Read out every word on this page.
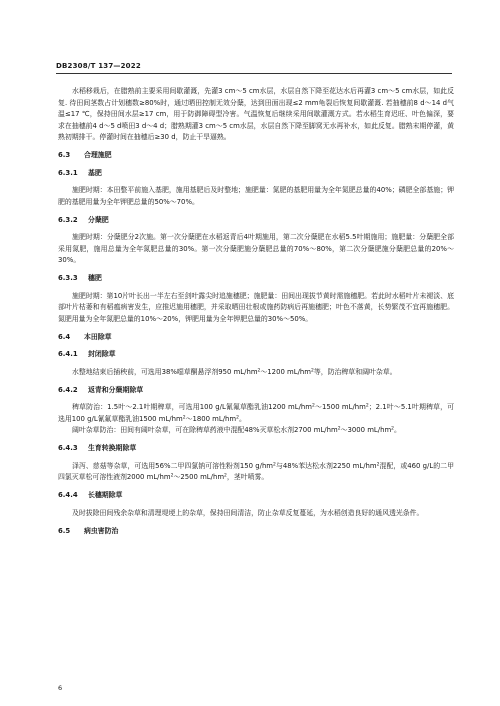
DB2308/T 137—2022

水稻移栽后，在腊熟前主要采用间歇灌溉，先灌3 cm～5 cm水层，水层自然下降至花达水后再灌3 cm～5 cm水层，如此反复. 待田间茎数占计划穗数≥80%时，通过晒田控制无效分蘖，达到田面出现≤2 mm龟裂后恢复间歇灌溉. 若抽穗前8 d～14 d气温≤17 ℃，保持田间水层≥17 cm，用于防御障碍型冷害。气温恢复后继续采用间歇灌溉方式。若水稻生育迟旺、叶色偏深，要求在抽穗前4 d～5 d喷田3 d～4 d；腊熟期灌3 cm～5 cm水层，水层自然下降至脚窝无水再补水，如此反复。腊熟末期停灌，黄熟初期排干。停灌时间在抽穗后≥30 d，防止干旱逼熟。

6.3 合理施肥
6.3.1 基肥

施肥时期：本田整平前施入基肥，施用基肥后及时整地；施肥量：氮肥的基肥用量为全年氮肥总量的40%；磷肥全部基施；钾肥的基肥用量为全年钾肥总量的50%～70%。

6.3.2 分蘖肥

施肥时期：分蘖肥分2次施。第一次分蘖肥在水稻返青后4叶期施用，第二次分蘖肥在水稻5.5叶期施用；施肥量：分蘖肥全部采用氮肥，施用总量为全年氮肥总量的30%。第一次分蘖肥施分蘖肥总量的70%～80%，第二次分蘖肥施分蘖肥总量的20%～30%。

6.3.3 穗肥

施肥时期：第10片叶长出一半左右至剑叶露尖时追施穗肥；施肥量：田间出现拔节黄时需施穗肥。若此时水稻叶片未褪淡、底部叶片枯萎和有稻瘟病害发生，应推迟施用穗肥，并采取晒田壮根或施药防病后再施穗肥；叶色不落黄，长势繁茂不宜再施穗肥。氮肥用量为全年氮肥总量的10%～20%，钾肥用量为全年钾肥总量的30%～50%。

6.4 本田除草
6.4.1 封闭除草

水整地结束后插秧前，可选用38%噁草酮悬浮剂950 $mL/hm^2\sim 1200$ $mL/hm^2$等，防治稗草和阔叶杂草。

6.4.2 返青和分蘖期除草

稗草防治：1.5叶～2.1叶期稗草，可选用100 g/L氰氟草酯乳油1200 $mL/hm^2\sim 1500$ $mL/hm^2$；2.1叶～5.1叶期稗草，可选用100 g/L氰氟草酯乳油1500 $mL/hm^2\sim 1800$ $mL/hm^2$。

阔叶杂草防治：田间有阔叶杂草，可在除稗草药液中混配48%灭草松水剂2700 $mL/hm^2\sim 3000$ $mL/hm^2$。

6.4.3 生育转换期除草

泽泻、慈菇等杂草，可选用56%二甲四氯钠可溶性粉剂150 $g/hm^2$与48%苯达松水剂2250 $mL/hm^2$混配，或460 g/L的二甲四氯灭草松可溶性液剂2000 $mL/hm^2\sim 2500$ $mL/hm^2$，茎叶喷雾。

6.4.4 长穗期除草

及时拔除田间残余杂草和清理堤埂上的杂草，保持田间清洁，防止杂草反复蔓延，为水稻创造良好的通风透光条件。

6.5 病虫害防治
6
